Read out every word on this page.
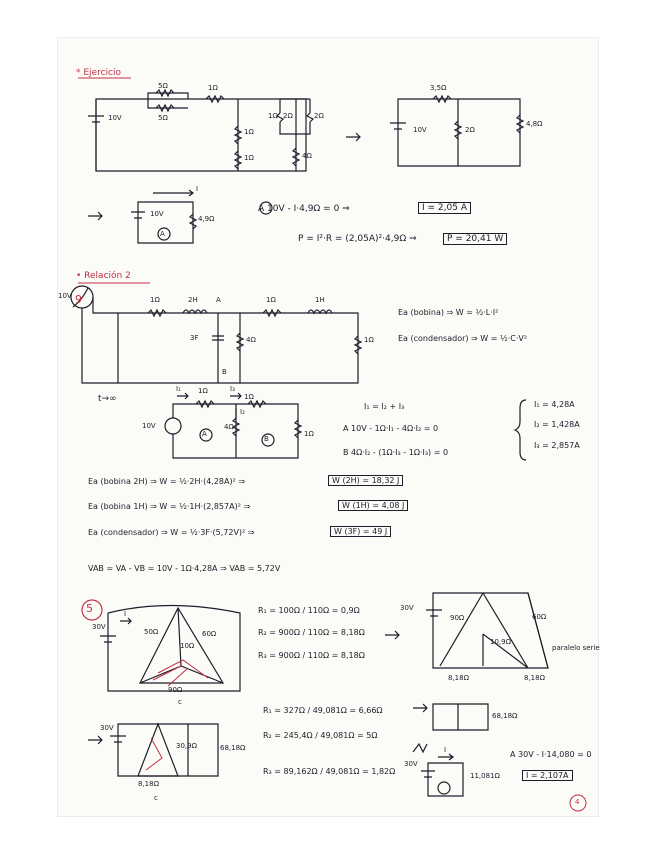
* Ejercicio
• Relación 2
9
5
5Ω
5Ω
1Ω
10V
1Ω
1Ω
1Ω 2Ω	2Ω
4Ω
3,5Ω
10V	2Ω
4,8Ω
I
10V
4,9Ω
A
A 10V - I·4,9Ω = 0 ⇒	I = 2,05 A
P = I²·R = (2,05A)²·4,9Ω ⇒	P = 20,41 W
1Ω	2H	A	1Ω	1H
10V
3F	4Ω	1Ω
B
Ea (bobina) ⇒ W = ½·L·I²
Ea (condensador) ⇒ W = ½·C·V²
t→∞
I₁ 1Ω	I₃
1Ω
I₂
10V	4Ω
1Ω
A
B
I₁ = I₂ + I₃
A 10V - 1Ω·I₁ - 4Ω·I₂ = 0
B 4Ω·I₂ - (1Ω·I₃ - 1Ω·I₃) = 0
I₁ = 4,28A
I₂ = 1,428A
I₃ = 2,857A
Ea (bobina 2H) ⇒ W = ½·2H·(4,28A)² ⇒	W (2H) = 18,32 J
Ea (bobina 1H) ⇒ W = ½·1H·(2,857A)² ⇒	W (1H) = 4,08 J
Ea (condensador) ⇒ W = ½·3F·(5,72V)² ⇒	W (3F) = 49 J
VAB = VA - VB = 10V - 1Ω·4,28A ⇒ VAB = 5,72V
30V
I
50Ω	60Ω
10Ω
90Ω
c
R₁ = 100Ω / 110Ω = 0,9Ω
R₂ = 900Ω / 110Ω = 8,18Ω
R₃ = 900Ω / 110Ω = 8,18Ω
30V
90Ω	60Ω
10,9Ω
8,18Ω	8,18Ω
paralelo serie
30V
30,9Ω	68,18Ω
8,18Ω
c
R₁ = 327Ω / 49,081Ω = 6,66Ω
R₂ = 245,4Ω / 49,081Ω = 5Ω
R₃ = 89,162Ω / 49,081Ω = 1,82Ω
68,18Ω
30V
I
11,081Ω
A 30V - I·14,080 = 0
I = 2,107A
4
